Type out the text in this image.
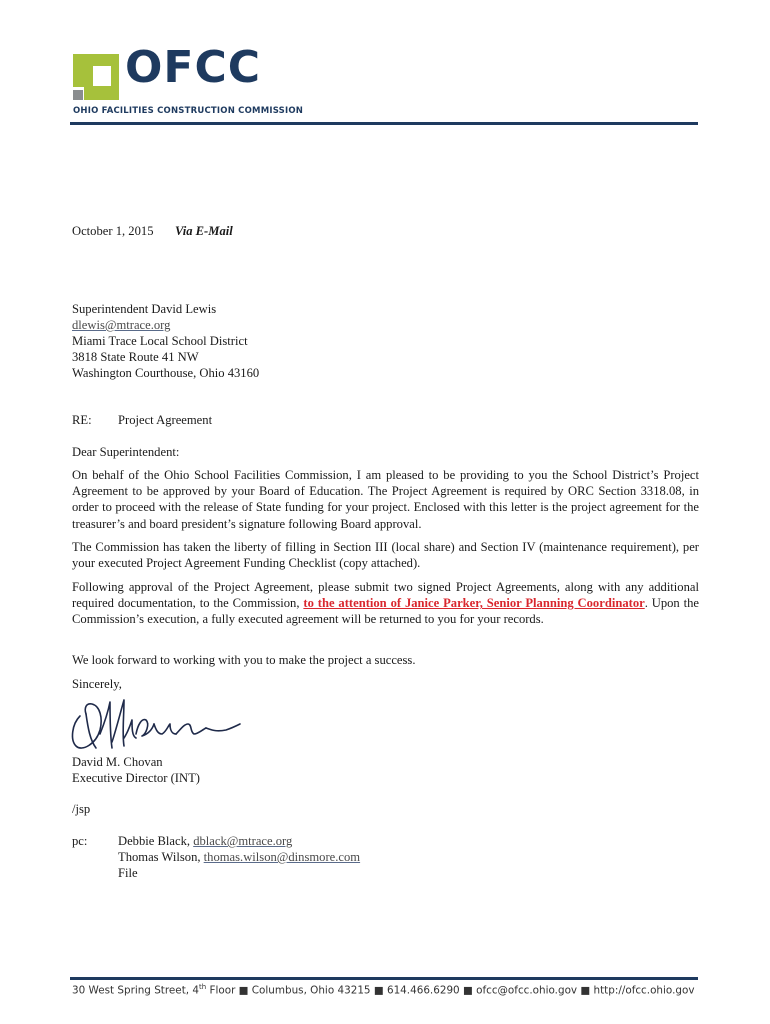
OFCC
OHIO FACILITIES CONSTRUCTION COMMISSION
October 1, 2015 Via E-Mail
Superintendent David Lewis
dlewis@mtrace.org
Miami Trace Local School District
3818 State Route 41 NW
Washington Courthouse, Ohio 43160
RE: Project Agreement
Dear Superintendent:
On behalf of the Ohio School Facilities Commission, I am pleased to be providing to you the School District’s Project Agreement to be approved by your Board of Education. The Project Agreement is required by ORC Section 3318.08, in order to proceed with the release of State funding for your project. Enclosed with this letter is the project agreement for the treasurer’s and board president’s signature following Board approval.
The Commission has taken the liberty of filling in Section III (local share) and Section IV (maintenance requirement), per your executed Project Agreement Funding Checklist (copy attached).
Following approval of the Project Agreement, please submit two signed Project Agreements, along with any additional required documentation, to the Commission, to the attention of Janice Parker, Senior Planning Coordinator. Upon the Commission’s execution, a fully executed agreement will be returned to you for your records.
We look forward to working with you to make the project a success.
Sincerely,
David M. Chovan
Executive Director (INT)
/jsp
pc: Debbie Black, dblack@mtrace.org
Thomas Wilson, thomas.wilson@dinsmore.com
File
30 West Spring Street, 4th Floor ■ Columbus, Ohio 43215 ■ 614.466.6290 ■ ofcc@ofcc.ohio.gov ■ http://ofcc.ohio.gov
